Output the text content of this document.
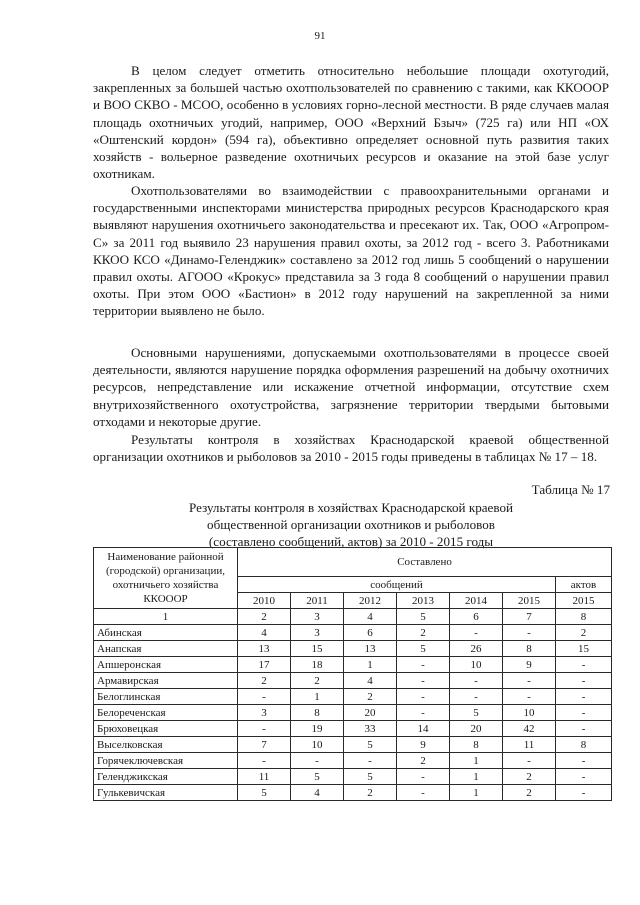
91

В целом следует отметить относительно небольшие площади охотугодий, закрепленных за большей частью охотпользователей по сравнению с такими, как ККОООР и ВОО СКВО - МСОО, особенно в условиях горно-лесной местности. В ряде случаев малая площадь охотничьих угодий, например, ООО «Верхний Бзыч» (725 га) или НП «ОХ «Оштенский кордон» (594 га), объективно определяет основной путь развития таких хозяйств - вольерное разведение охотничьих ресурсов и оказание на этой базе услуг охотникам.

Охотпользователями во взаимодействии с правоохранительными органами и государственными инспекторами министерства природных ресурсов Краснодарского края выявляют нарушения охотничьего законодательства и пресекают их. Так, ООО «Агропром-С» за 2011 год выявило 23 нарушения правил охоты, за 2012 год - всего 3. Работниками ККОО КСО «Динамо-Геленджик» составлено за 2012 год лишь 5 сообщений о нарушении правил охоты. АГООО «Крокус» представила за 3 года 8 сообщений о нарушении правил охоты. При этом ООО «Бастион» в 2012 году нарушений на закрепленной за ними территории выявлено не было.

Основными нарушениями, допускаемыми охотпользователями в процессе своей деятельности, являются нарушение порядка оформления разрешений на добычу охотничих ресурсов, непредставление или искажение отчетной информации, отсутствие схем внутрихозяйственного охотустройства, загрязнение территории твердыми бытовыми отходами и некоторые другие.

Результаты контроля в хозяйствах Краснодарской краевой общественной организации охотников и рыболовов за 2010 - 2015 годы приведены в таблицах № 17 – 18.

Таблица № 17
Результаты контроля в хозяйствах Краснодарской краевой
общественной организации охотников и рыболовов
(составлено сообщений, актов) за 2010 - 2015 годы
Наименование районной (городской) организации, охотничьего хозяйства ККОООР	Составлено						
	сообщений						актов
	2010	2011	2012	2013	2014	2015	2015
1	2	3	4	5	6	7	8
Абинская	4	3	6	2	-	-	2
Анапская	13	15	13	5	26	8	15
Апшеронская	17	18	1	-	10	9	-
Армавирская	2	2	4	-	-	-	-
Белоглинская	-	1	2	-	-	-	-
Белореченская	3	8	20	-	5	10	-
Брюховецкая	-	19	33	14	20	42	-
Выселковская	7	10	5	9	8	11	8
Горячеключевская	-	-	-	2	1	-	-
Геленджикская	11	5	5	-	1	2	-
Гулькевичская	5	4	2	-	1	2	-
